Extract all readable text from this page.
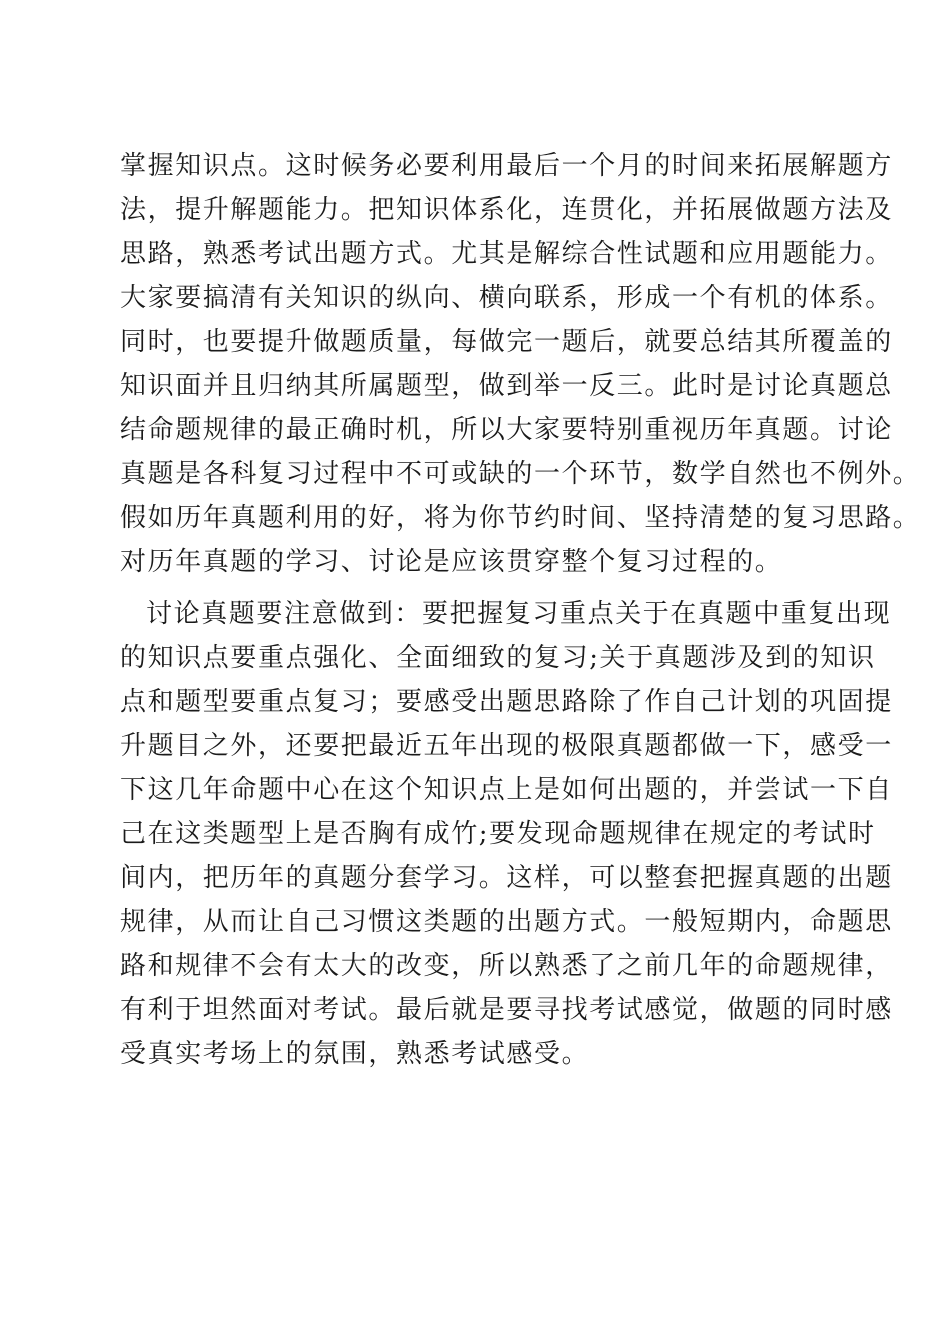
掌握知识点。这时候务必要利用最后一个月的时间来拓展解题方
法，提升解题能力。把知识体系化，连贯化，并拓展做题方法及
思路，熟悉考试出题方式。尤其是解综合性试题和应用题能力。
大家要搞清有关知识的纵向、横向联系，形成一个有机的体系。
同时，也要提升做题质量，每做完一题后，就要总结其所覆盖的
知识面并且归纳其所属题型，做到举一反三。此时是讨论真题总
结命题规律的最正确时机，所以大家要特别重视历年真题。讨论
真题是各科复习过程中不可或缺的一个环节，数学自然也不例外。
假如历年真题利用的好，将为你节约时间、坚持清楚的复习思路。
对历年真题的学习、讨论是应该贯穿整个复习过程的。
讨论真题要注意做到：要把握复习重点关于在真题中重复出现
的知识点要重点强化、全面细致的复习;关于真题涉及到的知识
点和题型要重点复习；要感受出题思路除了作自己计划的巩固提
升题目之外，还要把最近五年出现的极限真题都做一下，感受一
下这几年命题中心在这个知识点上是如何出题的，并尝试一下自
己在这类题型上是否胸有成竹;要发现命题规律在规定的考试时
间内，把历年的真题分套学习。这样，可以整套把握真题的出题
规律，从而让自己习惯这类题的出题方式。一般短期内，命题思
路和规律不会有太大的改变，所以熟悉了之前几年的命题规律，
有利于坦然面对考试。最后就是要寻找考试感觉，做题的同时感
受真实考场上的氛围，熟悉考试感受。
